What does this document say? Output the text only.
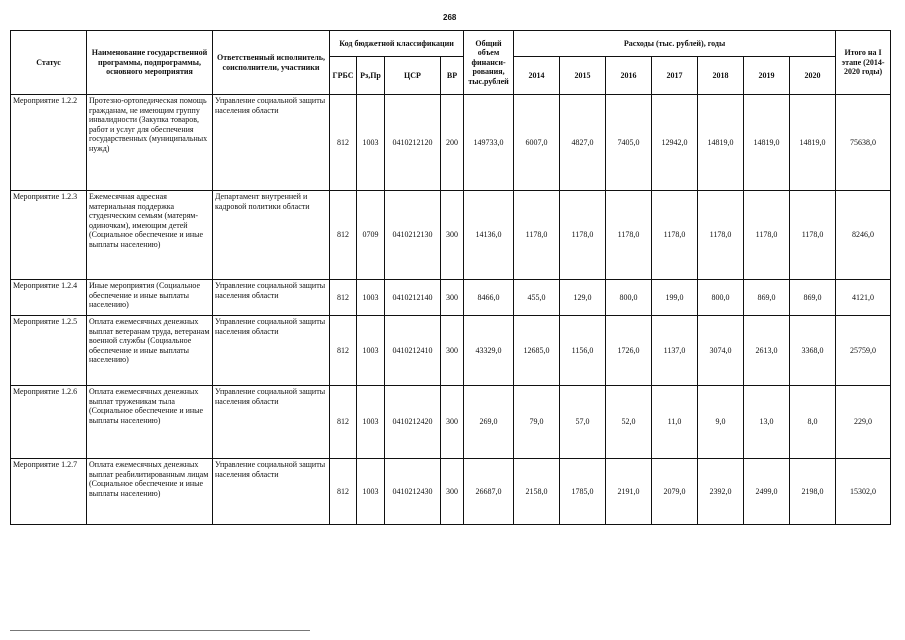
268
Статус	Наименование государственной программы, подпрограммы, основного мероприятия	Ответственный исполнитель, соисполнители, участники	Код бюджетной классификации				Общий объем финанси-рования, тыс.рублей	Расходы (тыс. рублей), годы							Итого на I этапе (2014-2020 годы)
			ГРБС	Рз,Пр	ЦСР	ВР		2014	2015	2016	2017	2018	2019	2020	
Мероприятие 1.2.2	Протезно-ортопедическая помощь гражданам, не имеющим группу инвалидности (Закупка товаров, работ и услуг для обеспечения государственных (муниципальных нужд)	Управление социальной защиты населения области	812	1003	0410212120	200	149733,0	6007,0	4827,0	7405,0	12942,0	14819,0	14819,0	14819,0	75638,0
Мероприятие 1.2.3	Ежемесячная адресная материальная поддержка студенческим семьям (матерям-одиночкам), имеющим детей (Социальное обеспечение и иные выплаты населению)	Департамент внутренней и кадровой политики области	812	0709	0410212130	300	14136,0	1178,0	1178,0	1178,0	1178,0	1178,0	1178,0	1178,0	8246,0
Мероприятие 1.2.4	Иные мероприятия (Социальное обеспечение и иные выплаты населению)	Управление социальной защиты населения области	812	1003	0410212140	300	8466,0	455,0	129,0	800,0	199,0	800,0	869,0	869,0	4121,0
Мероприятие 1.2.5	Оплата ежемесячных денежных выплат ветеранам труда, ветеранам военной службы (Социальное обеспечение и иные выплаты населению)	Управление социальной защиты населения области	812	1003	0410212410	300	43329,0	12685,0	1156,0	1726,0	1137,0	3074,0	2613,0	3368,0	25759,0
Мероприятие 1.2.6	Оплата ежемесячных денежных выплат труженикам тыла (Социальное обеспечение и иные выплаты населению)	Управление социальной защиты населения области	812	1003	0410212420	300	269,0	79,0	57,0	52,0	11,0	9,0	13,0	8,0	229,0
Мероприятие 1.2.7	Оплата ежемесячных денежных выплат реабилитированным лицам (Социальное обеспечение и иные выплаты населению)	Управление социальной защиты населения области	812	1003	0410212430	300	26687,0	2158,0	1785,0	2191,0	2079,0	2392,0	2499,0	2198,0	15302,0
